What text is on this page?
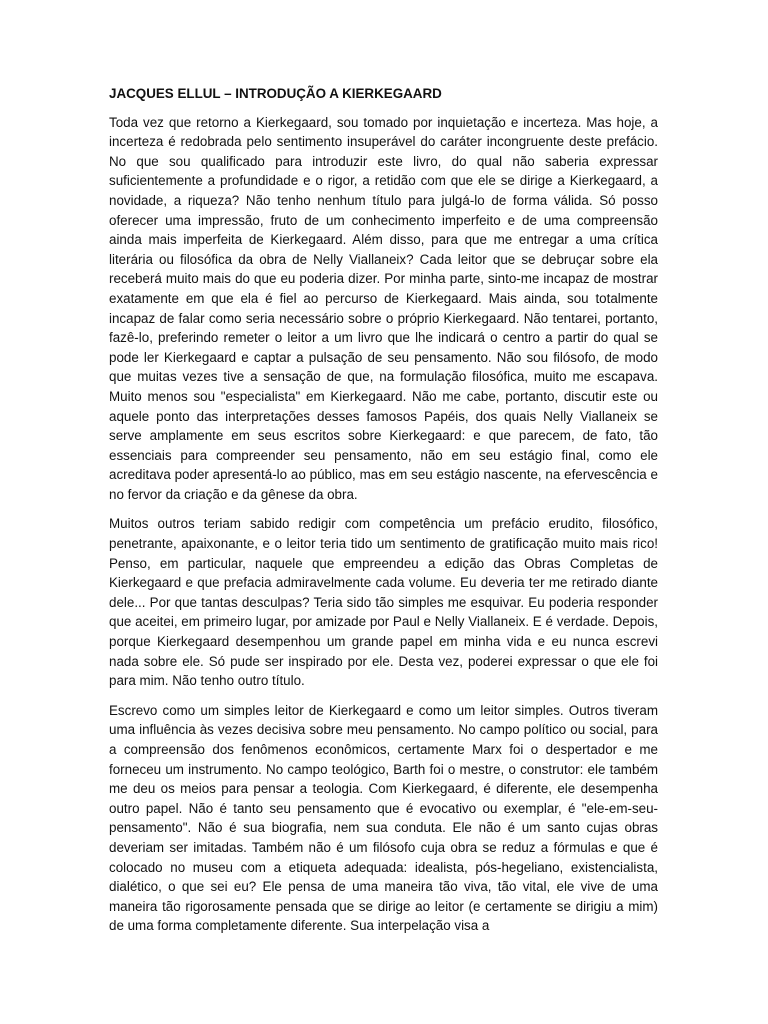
JACQUES ELLUL – INTRODUÇÃO A KIERKEGAARD

Toda vez que retorno a Kierkegaard, sou tomado por inquietação e incerteza. Mas hoje, a incerteza é redobrada pelo sentimento insuperável do caráter incongruente deste prefácio. No que sou qualificado para introduzir este livro, do qual não saberia expressar suficientemente a profundidade e o rigor, a retidão com que ele se dirige a Kierkegaard, a novidade, a riqueza? Não tenho nenhum título para julgá-lo de forma válida. Só posso oferecer uma impressão, fruto de um conhecimento imperfeito e de uma compreensão ainda mais imperfeita de Kierkegaard. Além disso, para que me entregar a uma crítica literária ou filosófica da obra de Nelly Viallaneix? Cada leitor que se debruçar sobre ela receberá muito mais do que eu poderia dizer. Por minha parte, sinto-me incapaz de mostrar exatamente em que ela é fiel ao percurso de Kierkegaard. Mais ainda, sou totalmente incapaz de falar como seria necessário sobre o próprio Kierkegaard. Não tentarei, portanto, fazê-lo, preferindo remeter o leitor a um livro que lhe indicará o centro a partir do qual se pode ler Kierkegaard e captar a pulsação de seu pensamento. Não sou filósofo, de modo que muitas vezes tive a sensação de que, na formulação filosófica, muito me escapava. Muito menos sou "especialista" em Kierkegaard. Não me cabe, portanto, discutir este ou aquele ponto das interpretações desses famosos Papéis, dos quais Nelly Viallaneix se serve amplamente em seus escritos sobre Kierkegaard: e que parecem, de fato, tão essenciais para compreender seu pensamento, não em seu estágio final, como ele acreditava poder apresentá-lo ao público, mas em seu estágio nascente, na efervescência e no fervor da criação e da gênese da obra.

Muitos outros teriam sabido redigir com competência um prefácio erudito, filosófico, penetrante, apaixonante, e o leitor teria tido um sentimento de gratificação muito mais rico! Penso, em particular, naquele que empreendeu a edição das Obras Completas de Kierkegaard e que prefacia admiravelmente cada volume. Eu deveria ter me retirado diante dele... Por que tantas desculpas? Teria sido tão simples me esquivar. Eu poderia responder que aceitei, em primeiro lugar, por amizade por Paul e Nelly Viallaneix. E é verdade. Depois, porque Kierkegaard desempenhou um grande papel em minha vida e eu nunca escrevi nada sobre ele. Só pude ser inspirado por ele. Desta vez, poderei expressar o que ele foi para mim. Não tenho outro título.

Escrevo como um simples leitor de Kierkegaard e como um leitor simples. Outros tiveram uma influência às vezes decisiva sobre meu pensamento. No campo político ou social, para a compreensão dos fenômenos econômicos, certamente Marx foi o despertador e me forneceu um instrumento. No campo teológico, Barth foi o mestre, o construtor: ele também me deu os meios para pensar a teologia. Com Kierkegaard, é diferente, ele desempenha outro papel. Não é tanto seu pensamento que é evocativo ou exemplar, é "ele-em-seu-pensamento". Não é sua biografia, nem sua conduta. Ele não é um santo cujas obras deveriam ser imitadas. Também não é um filósofo cuja obra se reduz a fórmulas e que é colocado no museu com a etiqueta adequada: idealista, pós-hegeliano, existencialista, dialético, o que sei eu? Ele pensa de uma maneira tão viva, tão vital, ele vive de uma maneira tão rigorosamente pensada que se dirige ao leitor (e certamente se dirigiu a mim) de uma forma completamente diferente. Sua interpelação visa a
